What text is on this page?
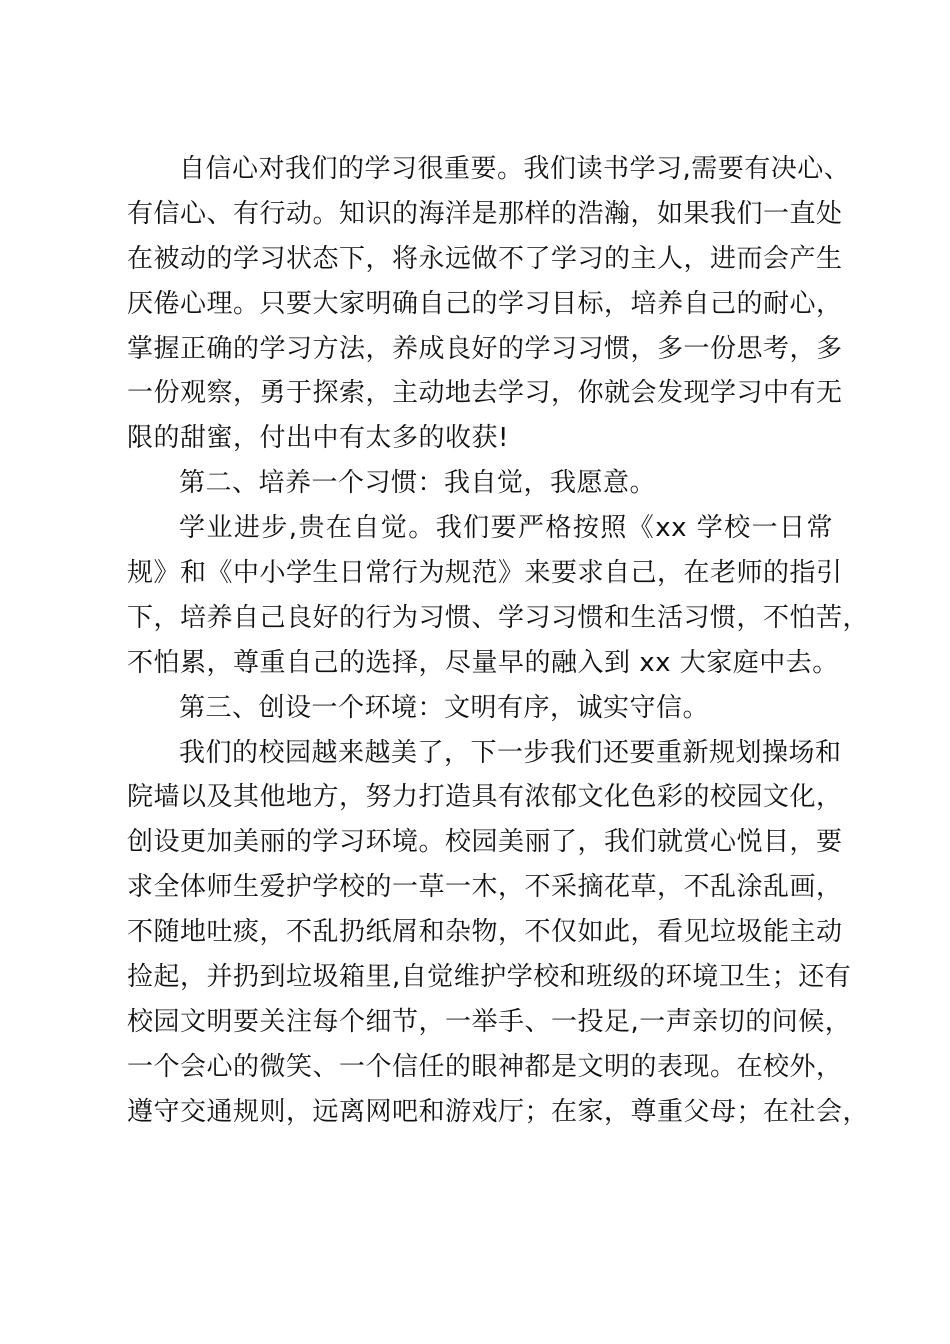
自信心对我们的学习很重要。我们读书学习,需要有决心、
有信心、有行动。知识的海洋是那样的浩瀚，如果我们一直处
在被动的学习状态下，将永远做不了学习的主人，进而会产生
厌倦心理。只要大家明确自己的学习目标，培养自己的耐心，
掌握正确的学习方法，养成良好的学习习惯，多一份思考，多
一份观察，勇于探索，主动地去学习，你就会发现学习中有无
限的甜蜜，付出中有太多的收获!
第二、培养一个习惯：我自觉，我愿意。
学业进步,贵在自觉。我们要严格按照《xx 学校一日常
规》和《中小学生日常行为规范》来要求自己，在老师的指引
下，培养自己良好的行为习惯、学习习惯和生活习惯，不怕苦，
不怕累，尊重自己的选择，尽量早的融入到 xx 大家庭中去。
第三、创设一个环境：文明有序，诚实守信。
我们的校园越来越美了，下一步我们还要重新规划操场和
院墙以及其他地方，努力打造具有浓郁文化色彩的校园文化，
创设更加美丽的学习环境。校园美丽了，我们就赏心悦目，要
求全体师生爱护学校的一草一木，不采摘花草，不乱涂乱画，
不随地吐痰，不乱扔纸屑和杂物，不仅如此，看见垃圾能主动
捡起，并扔到垃圾箱里,自觉维护学校和班级的环境卫生；还有
校园文明要关注每个细节，一举手、一投足,一声亲切的问候，
一个会心的微笑、一个信任的眼神都是文明的表现。在校外，
遵守交通规则，远离网吧和游戏厅；在家，尊重父母；在社会，
